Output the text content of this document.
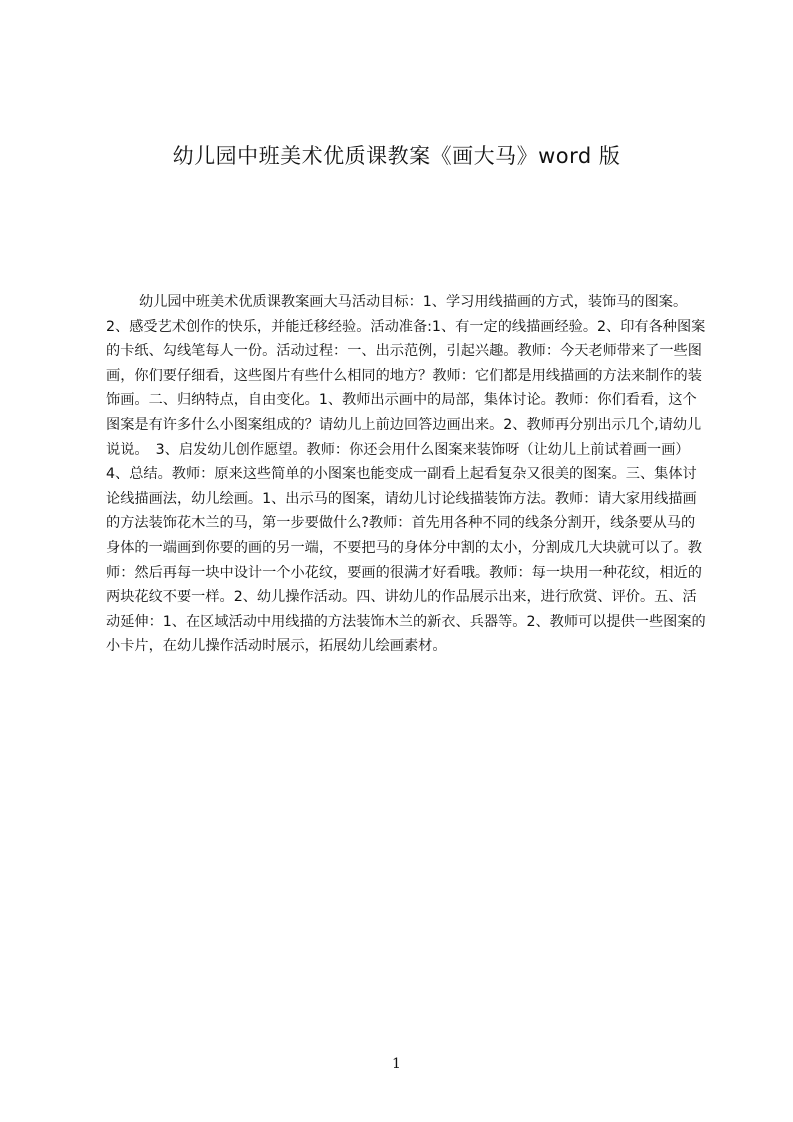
幼儿园中班美术优质课教案《画大马》word 版

幼儿园中班美术优质课教案画大马活动目标：1、学习用线描画的方式，装饰马的图案。2、感受艺术创作的快乐，并能迁移经验。活动准备:1、有一定的线描画经验。2、印有各种图案的卡纸、勾线笔每人一份。活动过程：一、出示范例，引起兴趣。教师：今天老师带来了一些图画，你们要仔细看，这些图片有些什么相同的地方？教师：它们都是用线描画的方法来制作的装饰画。二、归纳特点，自由变化。1、教师出示画中的局部，集体讨论。教师：你们看看，这个图案是有许多什么小图案组成的？请幼儿上前边回答边画出来。2、教师再分别出示几个,请幼儿说说。　3、启发幼儿创作愿望。教师：你还会用什么图案来装饰呀（让幼儿上前试着画一画）4、总结。教师：原来这些简单的小图案也能变成一副看上起看复杂又很美的图案。三、集体讨论线描画法，幼儿绘画。1、出示马的图案，请幼儿讨论线描装饰方法。教师：请大家用线描画的方法装饰花木兰的马，第一步要做什么?教师：首先用各种不同的线条分割开，线条要从马的身体的一端画到你要的画的另一端，不要把马的身体分中割的太小，分割成几大块就可以了。教师：然后再每一块中设计一个小花纹，要画的很满才好看哦。教师：每一块用一种花纹，相近的两块花纹不要一样。2、幼儿操作活动。四、讲幼儿的作品展示出来，进行欣赏、评价。五、活动延伸：1、在区域活动中用线描的方法装饰木兰的新衣、兵器等。2、教师可以提供一些图案的小卡片，在幼儿操作活动时展示，拓展幼儿绘画素材。

1
